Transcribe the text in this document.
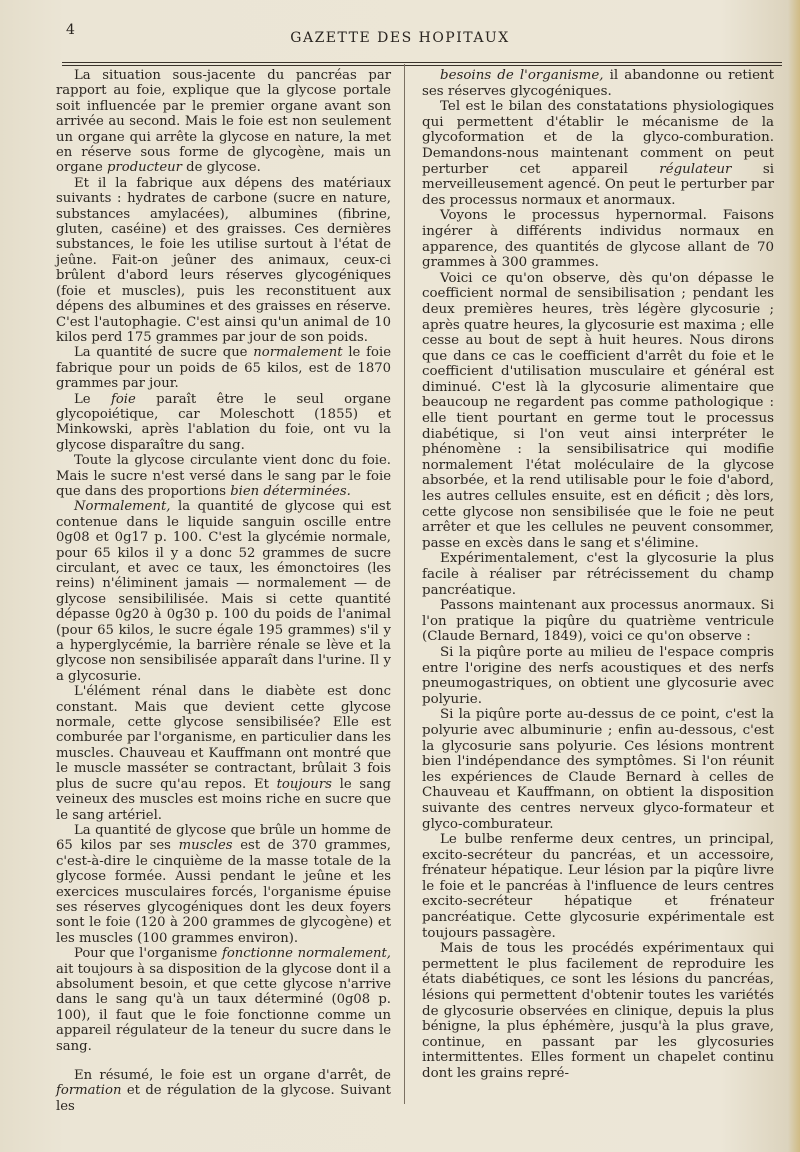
4	GAZETTE DES HOPITAUX

La situation sous-jacente du pancréas par rapport au foie, explique que la glycose portale soit influencée par le premier organe avant son arrivée au second. Mais le foie est non seulement un organe qui arrête la glycose en nature, la met en réserve sous forme de glycogène, mais un organe producteur de glycose.

Et il la fabrique aux dépens des matériaux suivants : hydrates de carbone (sucre en nature, substances amylacées), albumines (fibrine, gluten, caséine) et des graisses. Ces dernières substances, le foie les utilise surtout à l'état de jeûne. Fait-on jeûner des animaux, ceux-ci brûlent d'abord leurs réserves glycogéniques (foie et muscles), puis les reconstituent aux dépens des albumines et des graisses en réserve. C'est l'autophagie. C'est ainsi qu'un animal de 10 kilos perd 175 grammes par jour de son poids.

La quantité de sucre que normalement le foie fabrique pour un poids de 65 kilos, est de 1870 grammes par jour.

Le foie paraît être le seul organe glycopoiétique, car Moleschott (1855) et Minkowski, après l'ablation du foie, ont vu la glycose disparaître du sang.

Toute la glycose circulante vient donc du foie. Mais le sucre n'est versé dans le sang par le foie que dans des proportions bien déterminées.

Normalement, la quantité de glycose qui est contenue dans le liquide sanguin oscille entre 0g08 et 0g17 p. 100. C'est la glycémie normale, pour 65 kilos il y a donc 52 grammes de sucre circulant, et avec ce taux, les émonctoires (les reins) n'éliminent jamais — normalement — de glycose sensibililisée. Mais si cette quantité dépasse 0g20 à 0g30 p. 100 du poids de l'animal (pour 65 kilos, le sucre égale 195 grammes) s'il y a hyperglycémie, la barrière rénale se lève et la glycose non sensibilisée apparaît dans l'urine. Il y a glycosurie.

L'élément rénal dans le diabète est donc constant. Mais que devient cette glycose normale, cette glycose sensibilisée? Elle est comburée par l'organisme, en particulier dans les muscles. Chauveau et Kauffmann ont montré que le muscle masséter se contractant, brûlait 3 fois plus de sucre qu'au repos. Et toujours le sang veineux des muscles est moins riche en sucre que le sang artériel.

La quantité de glycose que brûle un homme de 65 kilos par ses muscles est de 370 grammes, c'est-à-dire le cinquième de la masse totale de la glycose formée. Aussi pendant le jeûne et les exercices musculaires forcés, l'organisme épuise ses réserves glycogéniques dont les deux foyers sont le foie (120 à 200 grammes de glycogène) et les muscles (100 grammes environ).

Pour que l'organisme fonctionne normalement, ait toujours à sa disposition de la glycose dont il a absolument besoin, et que cette glycose n'arrive dans le sang qu'à un taux déterminé (0g08 p. 100), il faut que le foie fonctionne comme un appareil régulateur de la teneur du sucre dans le sang.

En résumé, le foie est un organe d'arrêt, de formation et de régulation de la glycose. Suivant les

besoins de l'organisme, il abandonne ou retient ses réserves glycogéniques.

Tel est le bilan des constatations physiologiques qui permettent d'établir le mécanisme de la glycoformation et de la glyco-comburation. Demandons-nous maintenant comment on peut perturber cet appareil régulateur si merveilleusement agencé. On peut le perturber par des processus normaux et anormaux.

Voyons le processus hypernormal. Faisons ingérer à différents individus normaux en apparence, des quantités de glycose allant de 70 grammes à 300 grammes.

Voici ce qu'on observe, dès qu'on dépasse le coefficient normal de sensibilisation ; pendant les deux premières heures, très légère glycosurie ; après quatre heures, la glycosurie est maxima ; elle cesse au bout de sept à huit heures. Nous dirons que dans ce cas le coefficient d'arrêt du foie et le coefficient d'utilisation musculaire et général est diminué. C'est là la glycosurie alimentaire que beaucoup ne regardent pas comme pathologique : elle tient pourtant en germe tout le processus diabétique, si l'on veut ainsi interpréter le phénomène : la sensibilisatrice qui modifie normalement l'état moléculaire de la glycose absorbée, et la rend utilisable pour le foie d'abord, les autres cellules ensuite, est en déficit ; dès lors, cette glycose non sensibilisée que le foie ne peut arrêter et que les cellules ne peuvent consommer, passe en excès dans le sang et s'élimine.

Expérimentalement, c'est la glycosurie la plus facile à réaliser par rétrécissement du champ pancréatique.

Passons maintenant aux processus anormaux. Si l'on pratique la piqûre du quatrième ventricule (Claude Bernard, 1849), voici ce qu'on observe :

Si la piqûre porte au milieu de l'espace compris entre l'origine des nerfs acoustiques et des nerfs pneumogastriques, on obtient une glycosurie avec polyurie.

Si la piqûre porte au-dessus de ce point, c'est la polyurie avec albuminurie ; enfin au-dessous, c'est la glycosurie sans polyurie. Ces lésions montrent bien l'indépendance des symptômes. Si l'on réunit les expériences de Claude Bernard à celles de Chauveau et Kauffmann, on obtient la disposition suivante des centres nerveux glyco-formateur et glyco-comburateur.

Le bulbe renferme deux centres, un principal, excito-secréteur du pancréas, et un accessoire, frénateur hépatique. Leur lésion par la piqûre livre le foie et le pancréas à l'influence de leurs centres excito-secréteur hépatique et frénateur pancréatique. Cette glycosurie expérimentale est toujours passagère.

Mais de tous les procédés expérimentaux qui permettent le plus facilement de reproduire les états diabétiques, ce sont les lésions du pancréas, lésions qui permettent d'obtenir toutes les variétés de glycosurie observées en clinique, depuis la plus bénigne, la plus éphémère, jusqu'à la plus grave, continue, en passant par les glycosuries intermittentes. Elles forment un chapelet continu dont les grains repré-
